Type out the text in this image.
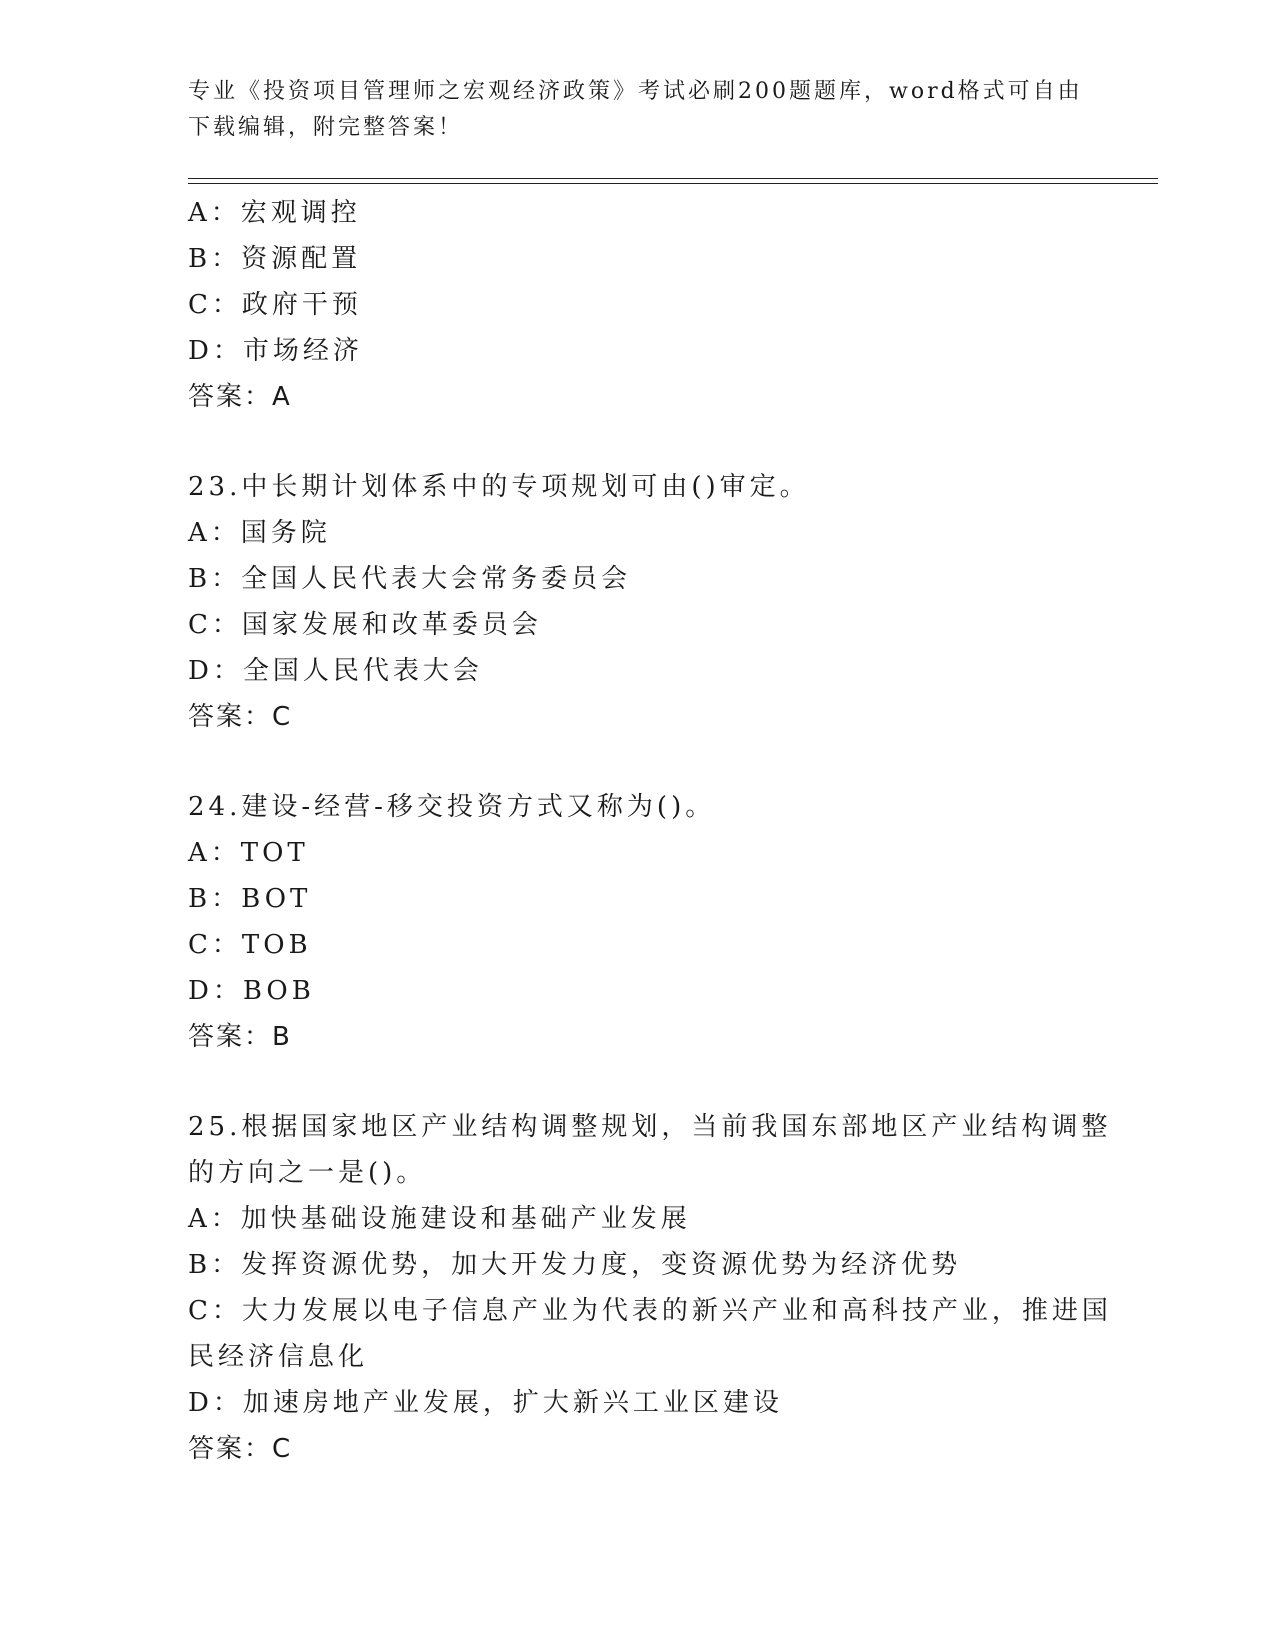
专业《投资项目管理师之宏观经济政策》考试必刷200题题库，word格式可自由
下载编辑，附完整答案！
A：宏观调控
B：资源配置
C：政府干预
D：市场经济
答案：A
23.中长期计划体系中的专项规划可由()审定。
A：国务院
B：全国人民代表大会常务委员会
C：国家发展和改革委员会
D：全国人民代表大会
答案：C
24.建设-经营-移交投资方式又称为()。
A：TOT
B：BOT
C：TOB
D：BOB
答案：B
25.根据国家地区产业结构调整规划，当前我国东部地区产业结构调整
的方向之一是()。
A：加快基础设施建设和基础产业发展
B：发挥资源优势，加大开发力度，变资源优势为经济优势
C：大力发展以电子信息产业为代表的新兴产业和高科技产业，推进国
民经济信息化
D：加速房地产业发展，扩大新兴工业区建设
答案：C
